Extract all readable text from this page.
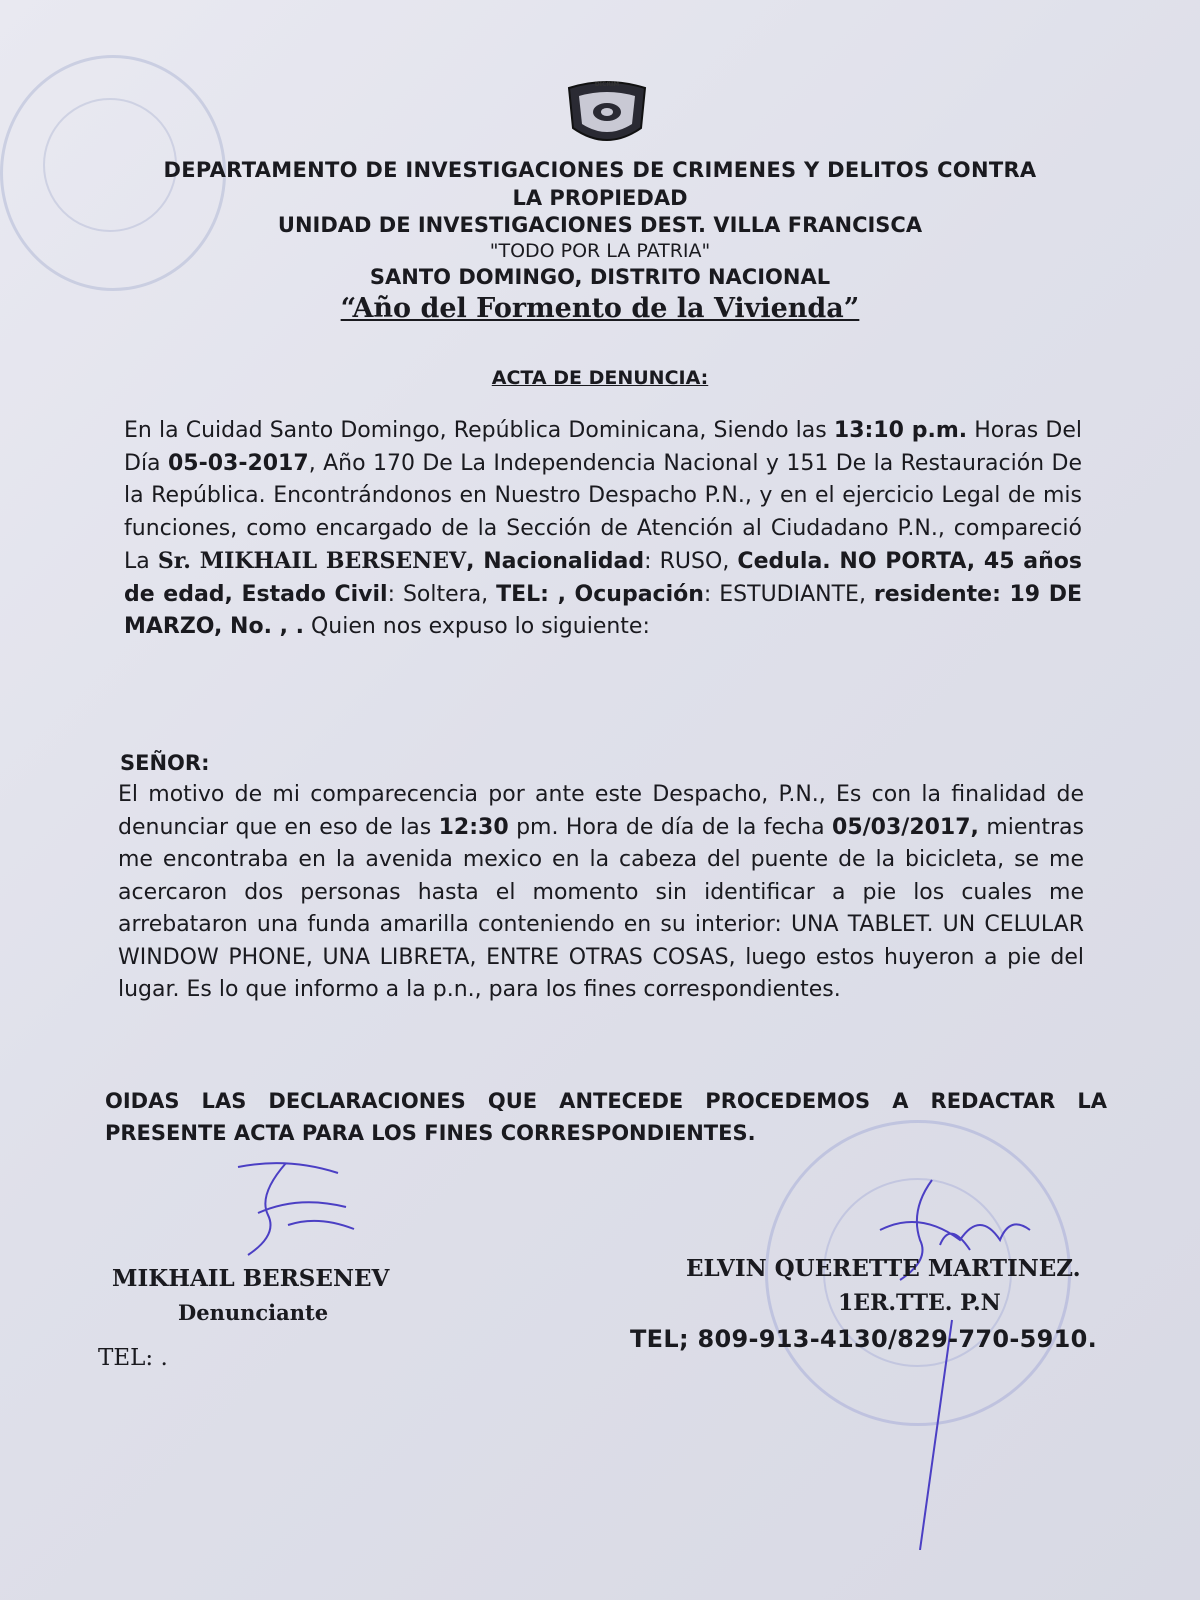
DICRIM
DEPARTAMENTO DE INVESTIGACIONES DE CRIMENES Y DELITOS CONTRA
LA PROPIEDAD
UNIDAD DE INVESTIGACIONES DEST. VILLA FRANCISCA
"TODO POR LA PATRIA"
SANTO DOMINGO, DISTRITO NACIONAL
“Año del Formento de la Vivienda”
ACTA DE DENUNCIA:
En la Cuidad Santo Domingo, República Dominicana, Siendo las 13:10 p.m. Horas Del Día 05-03-2017, Año 170 De La Independencia Nacional y 151 De la Restauración De la República. Encontrándonos en Nuestro Despacho P.N., y en el ejercicio Legal de mis funciones, como encargado de la Sección de Atención al Ciudadano P.N., compareció La Sr. MIKHAIL BERSENEV, Nacionalidad: RUSO, Cedula. NO PORTA, 45 años de edad, Estado Civil: Soltera, TEL: , Ocupación: ESTUDIANTE, residente: 19 DE MARZO, No. , . Quien nos expuso lo siguiente:
SEÑOR:
El motivo de mi comparecencia por ante este Despacho, P.N., Es con la finalidad de denunciar que en eso de las 12:30 pm. Hora de día de la fecha 05/03/2017, mientras me encontraba en la avenida mexico en la cabeza del puente de la bicicleta, se me acercaron dos personas hasta el momento sin identificar a pie los cuales me arrebataron una funda amarilla conteniendo en su interior: UNA TABLET. UN CELULAR WINDOW PHONE, UNA LIBRETA, ENTRE OTRAS COSAS, luego estos huyeron a pie del lugar. Es lo que informo a la p.n., para los fines correspondientes.
OIDAS LAS DECLARACIONES QUE ANTECEDE PROCEDEMOS A REDACTAR LA PRESENTE ACTA PARA LOS FINES CORRESPONDIENTES.
MIKHAIL BERSENEV
Denunciante
TEL: .
ELVIN QUERETTE MARTINEZ.
1ER.TTE. P.N
TEL; 809-913-4130/829-770-5910.
